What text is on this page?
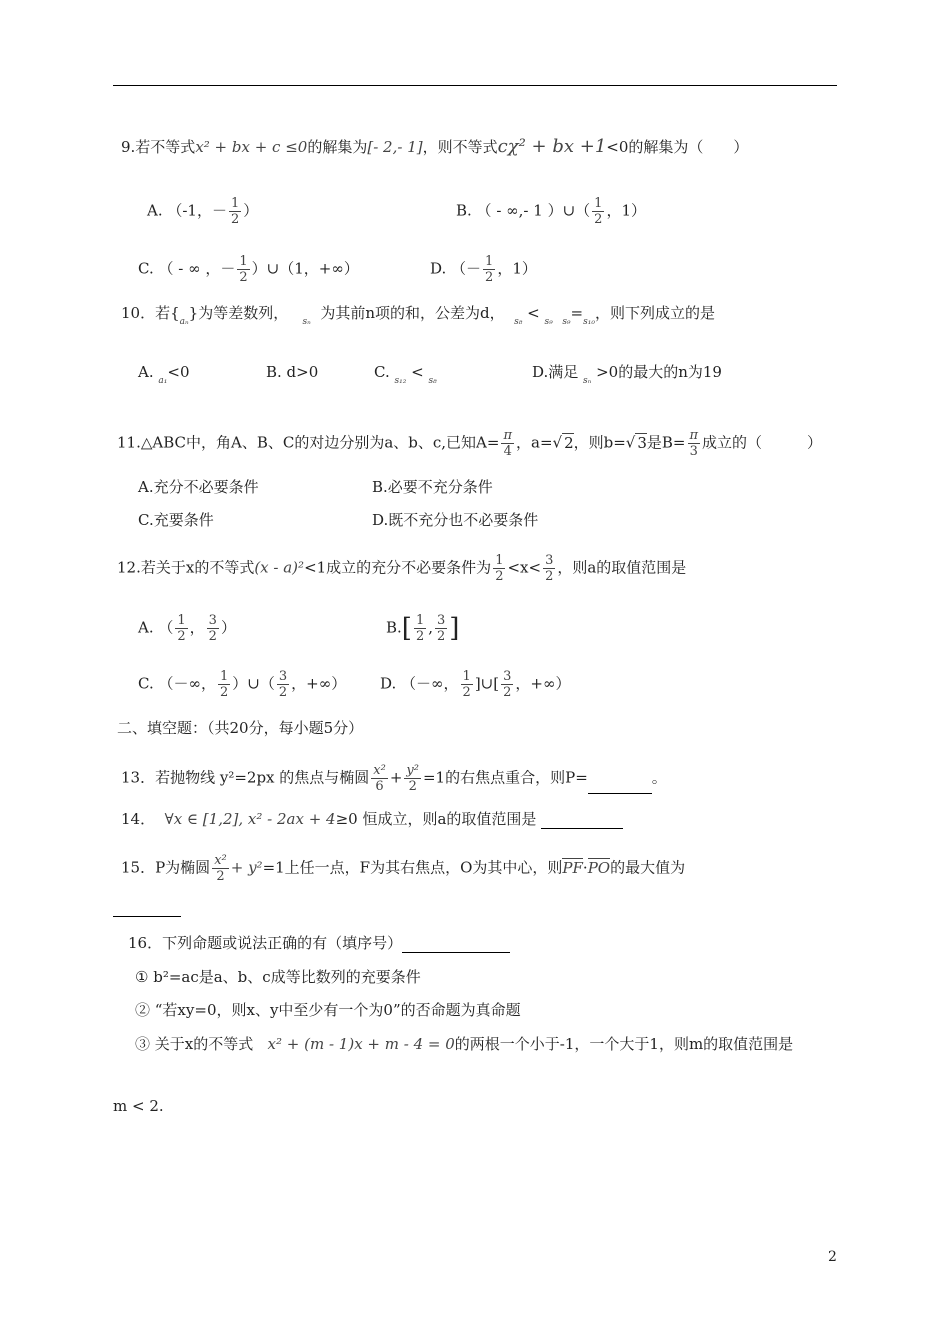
9.若不等式x² + bx + c ≤0的解集为[- 2,- 1]，则不等式cχ² + bx +1<0的解集为（　　）
A. （-1，－ $\frac{1}{2}$ ）	B. （ - ∞,- 1 ）∪（ $\frac{1}{2}$ ，1）
C. （ - ∞ ，－ $\frac{1}{2}$ ）∪（1，+∞）	D. （－ $\frac{1}{2}$ ，1）
10．若$\{_{a_n}\}$为等差数列， $_{s_n}$ 为其前n项的和，公差为d， $_{s_8}$ < $_{s_9}$ $_{s_9}=_{s_{10}}$，则下列成立的是
A. $_{a_1}$<0	B. d>0	C. $_{s_{12}}$ < $_{s_8}$	D.满足 $_{s_n}$ >0的最大的n为19
11.△ABC中，角A、B、C的对边分别为a、b、c,已知$A= \frac{\pi}{4}$ ，a=√ 2，则b=√ 3是$B= \frac{\pi}{3}$ 成立的（　　　）
A.充分不必要条件	B.必要不充分条件
C.充要条件	D.既不充分也不必要条件
12.若关于x的不等式(x - a)²<1成立的充分不必要条件为 $\frac{1}{2} <x< \frac{3}{2}$ ，则a的取值范围是
A. （ $\frac{1}{2}$ ， $\frac{3}{2}$ ）	$B.[ \frac{1}{2}$ , $\frac{3}{2}$ ]
C. （－∞， $\frac{1}{2}$ ）∪（ $\frac{3}{2}$ ，+∞） D. （－∞， $\frac{1}{2}$ ]∪[ $\frac{3}{2}$ ，+∞）
二、填空题：（共20分，每小题5分）
13．若抛物线 y²=2px 的焦点与椭圆 $\frac{\text{x²}}{6} + \frac{\text{y²}}{2} =1$的右焦点重合，则P=	。
14． ∀x ∈ [1,2], x² - 2ax + 4≥0 恒成立，则a的取值范围是
15．P为椭圆 $\frac{\text{x²}}{2} + y^2=1$上任一点，F为其右焦点，O为其中心，则PF·PO的最大值为
16．下列命题或说法正确的有（填序号）
① b²=ac是a、b、c成等比数列的充要条件
② “若xy=0，则x、y中至少有一个为0”的否命题为真命题
③ 关于x的不等式 x² + (m - 1)x + m - 4 = 0的两根一个小于-1，一个大于1，则m的取值范围是
m < 2.
2
